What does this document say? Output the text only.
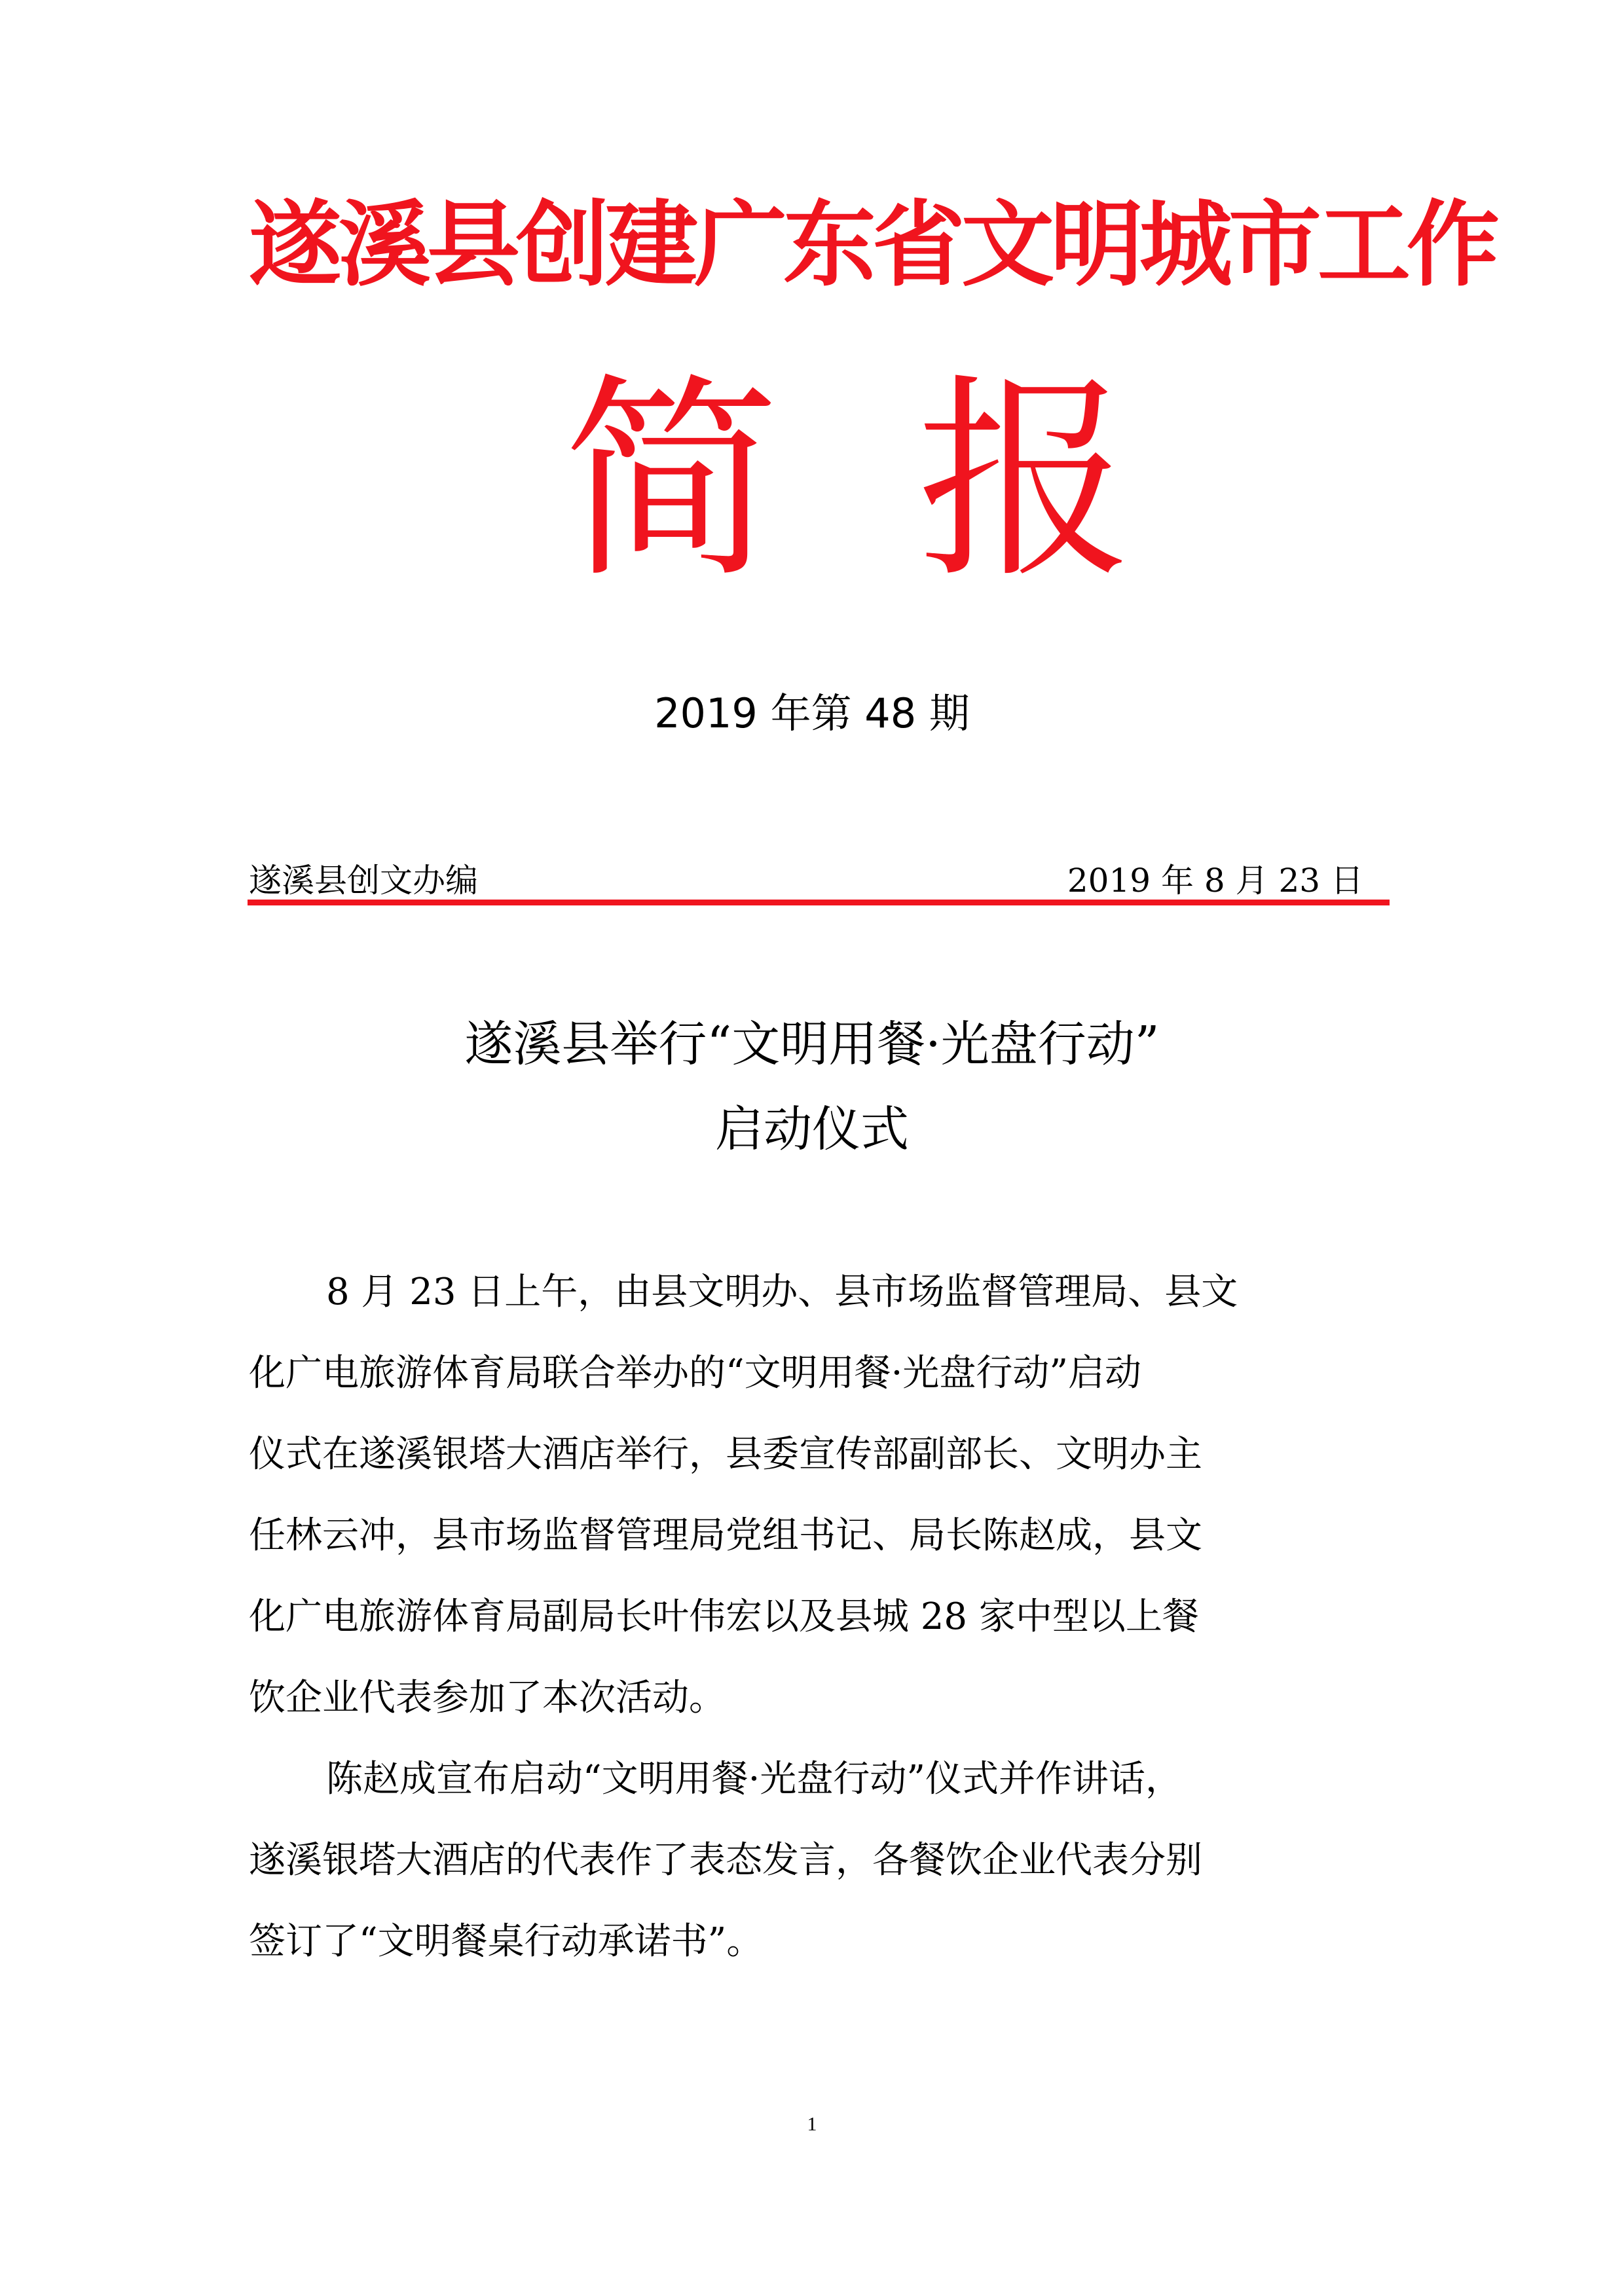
遂溪县创建广东省文明城市工作
简 报
2019 年第 48 期
遂溪县创文办编	2019 年 8 月 23 日
遂溪县举行“文明用餐·光盘行动”
启动仪式
8 月 23 日上午，由县文明办、县市场监督管理局、县文
化广电旅游体育局联合举办的“文明用餐·光盘行动”启动
仪式在遂溪银塔大酒店举行，县委宣传部副部长、文明办主
任林云冲，县市场监督管理局党组书记、局长陈赵成，县文
化广电旅游体育局副局长叶伟宏以及县城 28 家中型以上餐
饮企业代表参加了本次活动。
陈赵成宣布启动“文明用餐·光盘行动”仪式并作讲话，
遂溪银塔大酒店的代表作了表态发言，各餐饮企业代表分别
签订了“文明餐桌行动承诺书”。
1
